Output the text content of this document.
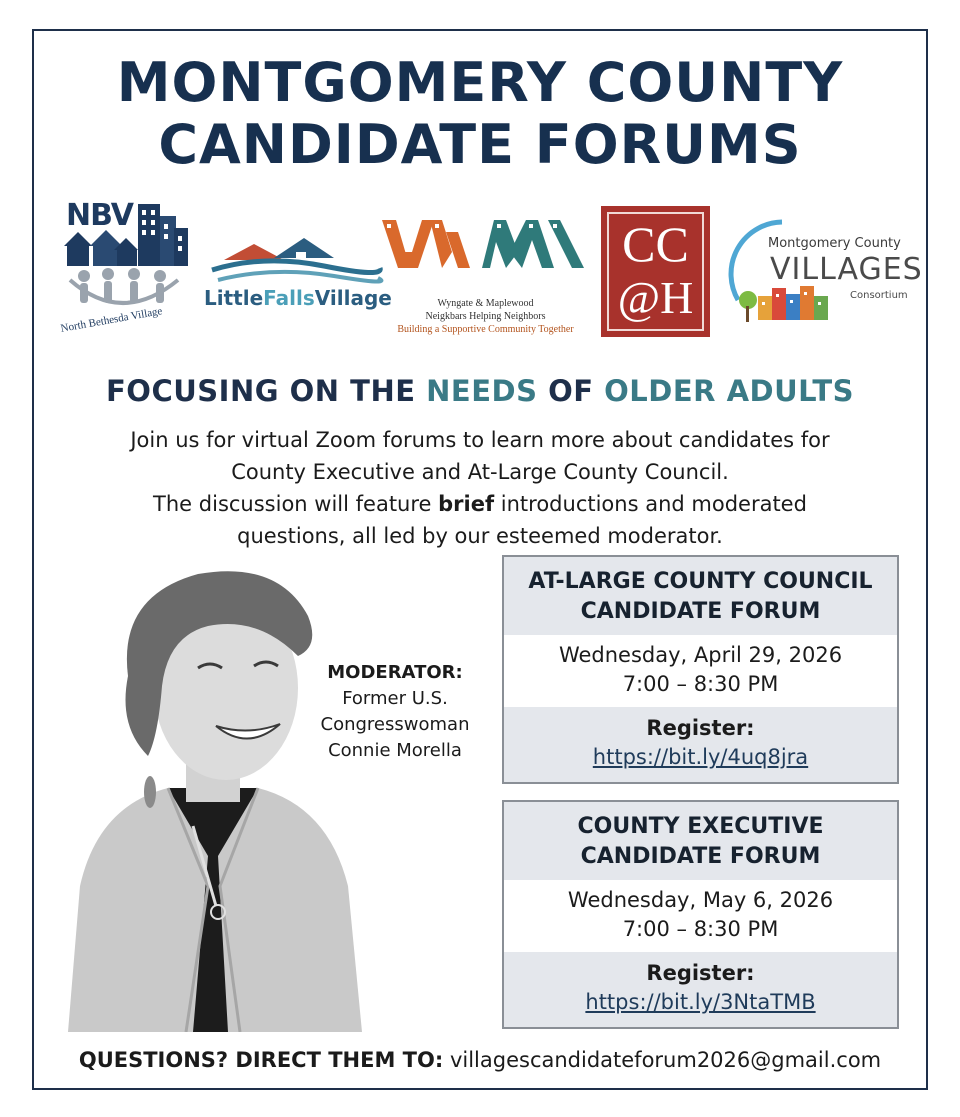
MONTGOMERY COUNTY
CANDIDATE FORUMS
NBV
North Bethesda Village
LittleFallsVillage	Wyngate & Maplewood
Neigkbars Helping Neighbors
Building a Supportive Community Together
CC
@H
Montgomery County
VILLAGES
Consortium
FOCUSING ON THE NEEDS OF OLDER ADULTS
Join us for virtual Zoom forums to learn more about candidates for
County Executive and At-Large County Council.
The discussion will feature brief introductions and moderated
questions, all led by our esteemed moderator.
MODERATOR:
Former U.S.
Congresswoman
Connie Morella
AT-LARGE COUNTY COUNCIL
CANDIDATE FORUM
Wednesday, April 29, 2026
7:00 – 8:30 PM
Register:
https://bit.ly/4uq8jra
COUNTY EXECUTIVE
CANDIDATE FORUM
Wednesday, May 6, 2026
7:00 – 8:30 PM
Register:
https://bit.ly/3NtaTMB
QUESTIONS? DIRECT THEM TO: villagescandidateforum2026@gmail.com
